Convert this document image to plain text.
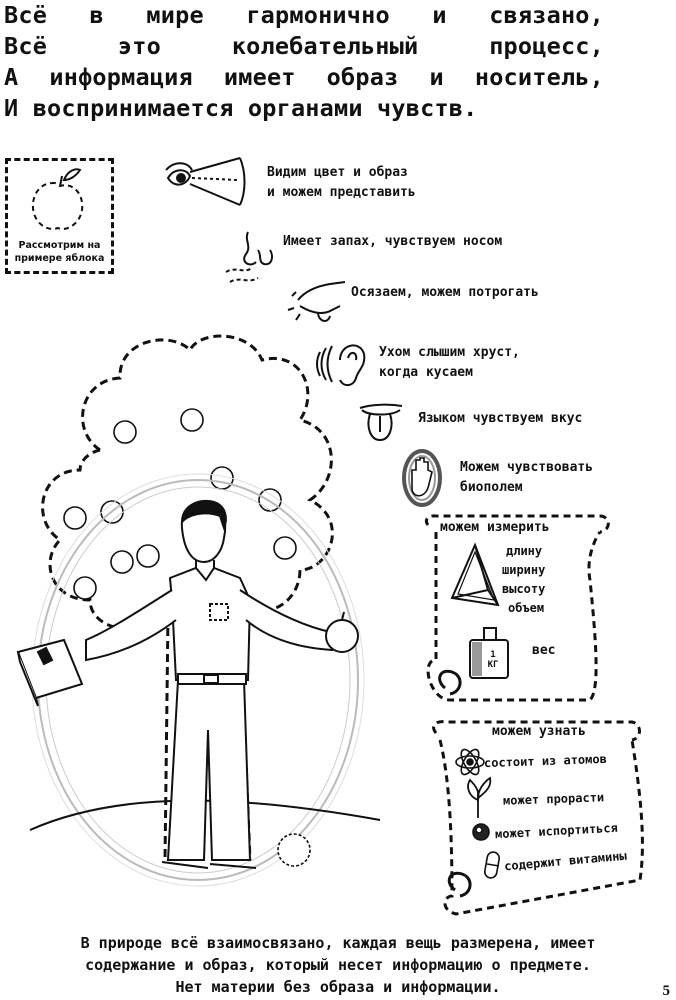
Всё в мире гармонично и связано,
Всё это колебательный процесс,
А информация имеет образ и носитель,
И воспринимается органами чувств.
Рассмотрим на
примере яблока
Видим цвет и образ
и можем представить
Имеет запах, чувствуем носом
Осязаем, можем потрогать
Ухом слышим хруст,
когда кусаем
Языком чувствуем вкус
Можем чувствовать
биополем
можем измерить
длину
ширину
высоту
объем
вес
1 КГ
можем узнать
состоит из атомов
может прорасти
может испортиться
содержит витамины
В природе всё взаимосвязано, каждая вещь размерена, имеет
содержание и образ, который несет информацию о предмете.
Нет материи без образа и информации.	5
